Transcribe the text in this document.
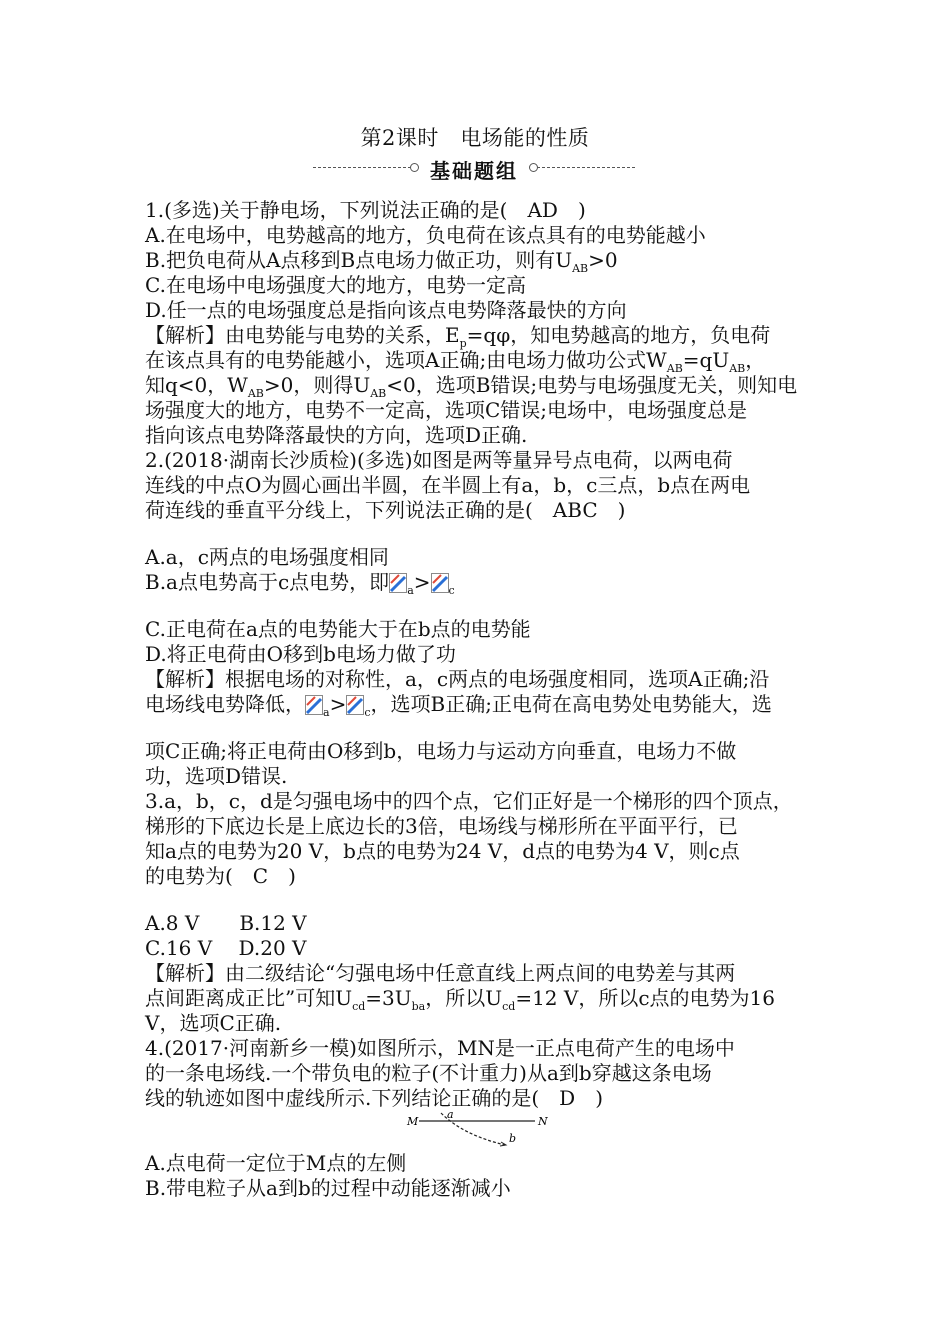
第2课时　电场能的性质
基础题组
1.(多选)关于静电场，下列说法正确的是(　AD　)
A.在电场中，电势越高的地方，负电荷在该点具有的电势能越小
B.把负电荷从A点移到B点电场力做正功，则有$U_{AB}>0$
C.在电场中电场强度大的地方，电势一定高
D.任一点的电场强度总是指向该点电势降落最快的方向
【解析】由电势能与电势的关系，$E_p=q\varphi$，知电势越高的地方，负电荷
在该点具有的电势能越小，选项A正确;由电场力做功公式$W_{AB}=qU_{AB}$，
知q<0，$W_{AB}>0$，则得$U_{AB}<0$，选项B错误;电势与电场强度无关，则知电
场强度大的地方，电势不一定高，选项C错误;电场中，电场强度总是
指向该点电势降落最快的方向，选项D正确.
2.(2018·湖南长沙质检)(多选)如图是两等量异号点电荷，以两电荷
连线的中点O为圆心画出半圆，在半圆上有a，b，c三点，b点在两电
荷连线的垂直平分线上，下列说法正确的是(　ABC　)
A.a，c两点的电场强度相同
B.a点电势高于c点电势，即 $_a$> $_c$
C.正电荷在a点的电势能大于在b点的电势能
D.将正电荷由O移到b电场力做了功
【解析】根据电场的对称性，a，c两点的电场强度相同，选项A正确;沿
电场线电势降低， $_a$> $_c$，选项B正确;正电荷在高电势处电势能大，选
项C正确;将正电荷由O移到b，电场力与运动方向垂直，电场力不做
功，选项D错误.
3.a，b，c，d是匀强电场中的四个点，它们正好是一个梯形的四个顶点，
梯形的下底边长是上底边长的3倍，电场线与梯形所在平面平行，已
知a点的电势为20 V，b点的电势为24 V，d点的电势为4 V，则c点
的电势为(　C　)
A.8 V　　B.12 V
C.16 V　 D.20 V
【解析】由二级结论“匀强电场中任意直线上两点间的电势差与其两
点间距离成正比”可知$U_{cd}=3U_{ba}$，所以$U_{cd}=12$ V，所以c点的电势为16
V，选项C正确.
4.(2017·河南新乡一模)如图所示，MN是一正点电荷产生的电场中
的一条电场线.一个带负电的粒子(不计重力)从a到b穿越这条电场
线的轨迹如图中虚线所示.下列结论正确的是(　D　)
M	N
a
b
A.点电荷一定位于M点的左侧
B.带电粒子从a到b的过程中动能逐渐减小
